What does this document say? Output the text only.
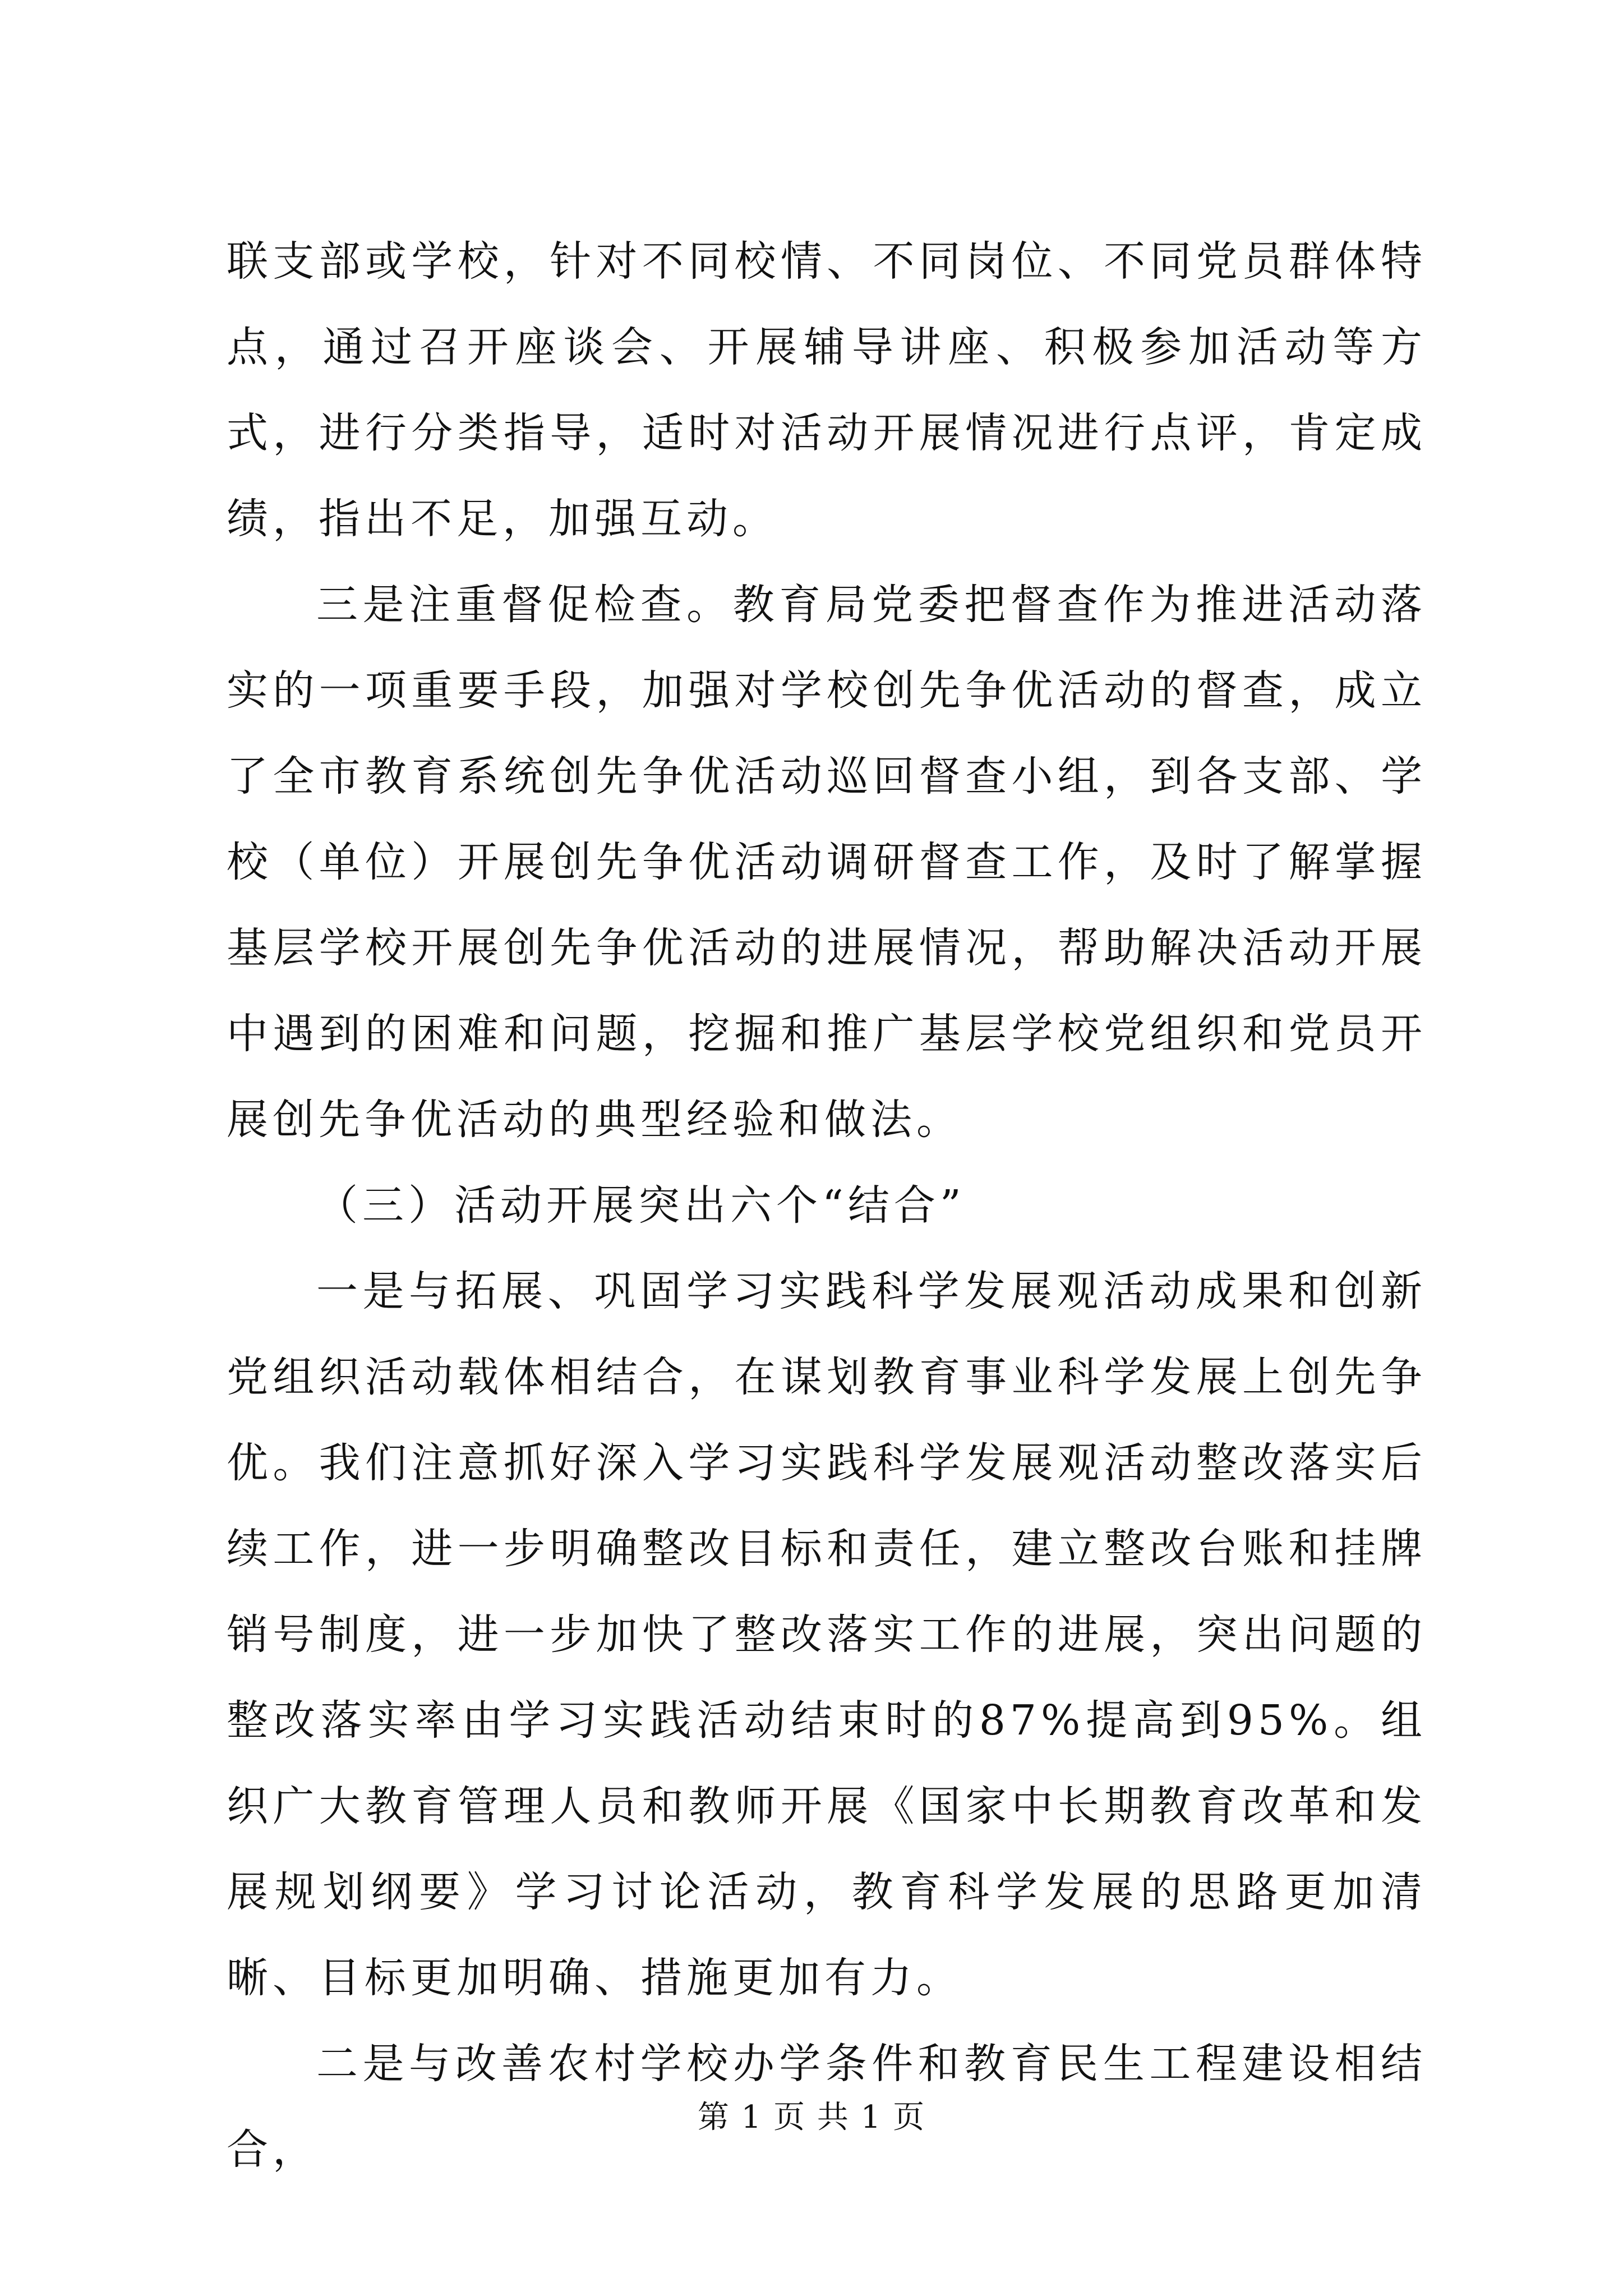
联支部或学校，针对不同校情、不同岗位、不同党员群体特点，通过召开座谈会、开展辅导讲座、积极参加活动等方式，进行分类指导，适时对活动开展情况进行点评，肯定成绩，指出不足，加强互动。

三是注重督促检查。教育局党委把督查作为推进活动落实的一项重要手段，加强对学校创先争优活动的督查，成立了全市教育系统创先争优活动巡回督查小组，到各支部、学校（单位）开展创先争优活动调研督查工作，及时了解掌握基层学校开展创先争优活动的进展情况，帮助解决活动开展中遇到的困难和问题，挖掘和推广基层学校党组织和党员开展创先争优活动的典型经验和做法。

（三）活动开展突出六个“结合”

一是与拓展、巩固学习实践科学发展观活动成果和创新党组织活动载体相结合，在谋划教育事业科学发展上创先争优。我们注意抓好深入学习实践科学发展观活动整改落实后续工作，进一步明确整改目标和责任，建立整改台账和挂牌销号制度，进一步加快了整改落实工作的进展，突出问题的整改落实率由学习实践活动结束时的87%提高到95%。组织广大教育管理人员和教师开展《国家中长期教育改革和发展规划纲要》学习讨论活动，教育科学发展的思路更加清晰、目标更加明确、措施更加有力。

二是与改善农村学校办学条件和教育民生工程建设相结合，

第 1 页 共 1 页
